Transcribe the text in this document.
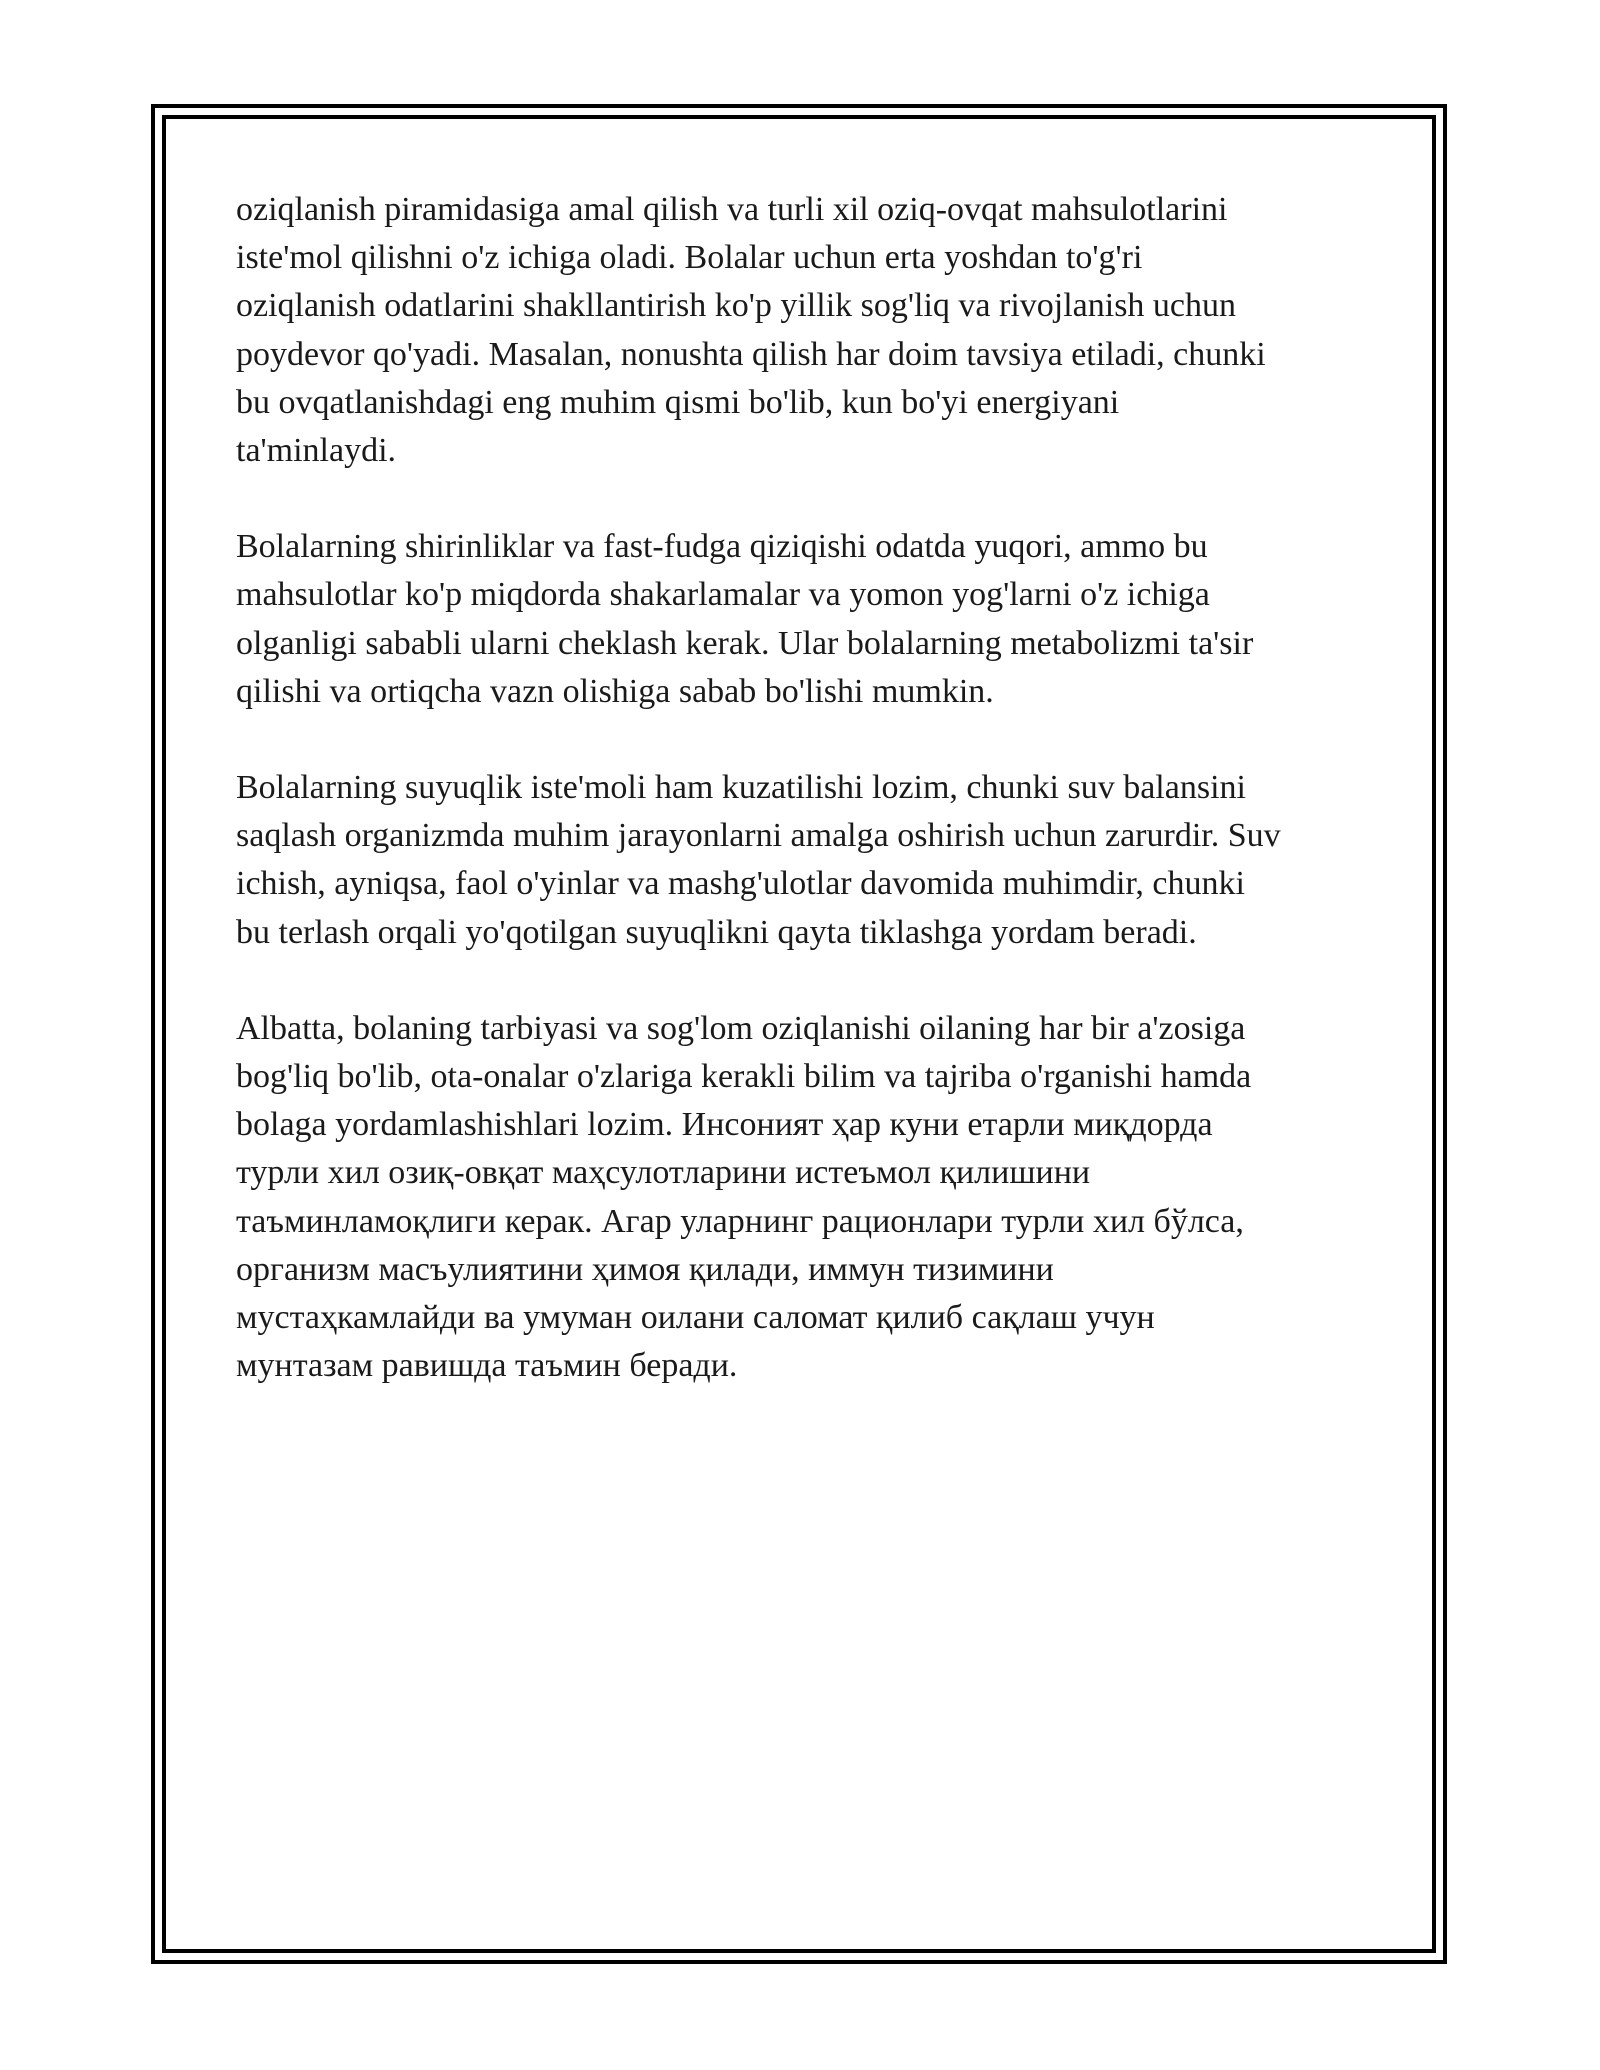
oziqlanish piramidasiga amal qilish va turli xil oziq-ovqat mahsulotlarini
iste'mol qilishni o'z ichiga oladi. Bolalar uchun erta yoshdan to'g'ri
oziqlanish odatlarini shakllantirish ko'p yillik sog'liq va rivojlanish uchun
poydevor qo'yadi. Masalan, nonushta qilish har doim tavsiya etiladi, chunki
bu ovqatlanishdagi eng muhim qismi bo'lib, kun bo'yi energiyani
ta'minlaydi.

Bolalarning shirinliklar va fast-fudga qiziqishi odatda yuqori, ammo bu
mahsulotlar ko'p miqdorda shakarlamalar va yomon yog'larni o'z ichiga
olganligi sababli ularni cheklash kerak. Ular bolalarning metabolizmi ta'sir
qilishi va ortiqcha vazn olishiga sabab bo'lishi mumkin.

Bolalarning suyuqlik iste'moli ham kuzatilishi lozim, chunki suv balansini
saqlash organizmda muhim jarayonlarni amalga oshirish uchun zarurdir. Suv
ichish, ayniqsa, faol o'yinlar va mashg'ulotlar davomida muhimdir, chunki
bu terlash orqali yo'qotilgan suyuqlikni qayta tiklashga yordam beradi.

Albatta, bolaning tarbiyasi va sog'lom oziqlanishi oilaning har bir a'zosiga
bog'liq bo'lib, ota-onalar o'zlariga kerakli bilim va tajriba o'rganishi hamda
bolaga yordamlashishlari lozim. Инсоният ҳар куни етарли миқдорда
турли хил озиқ-овқат маҳсулотларини истеъмол қилишини
таъминламоқлиги керак. Агар уларнинг рационлари турли хил бўлса,
организм масъулиятини ҳимоя қилади, иммун тизимини
мустаҳкамлайди ва умуман оилани саломат қилиб сақлаш учун
мунтазам равишда таъмин беради.
